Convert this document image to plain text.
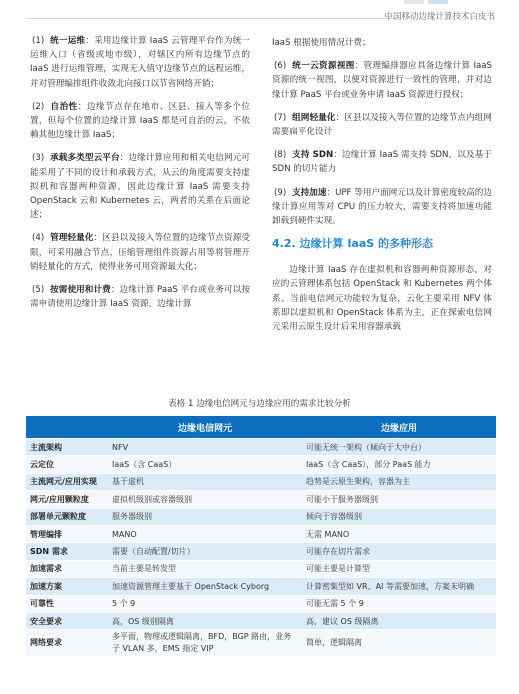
中国移动边缘计算技术白皮书

(1) 统一运维：采用边缘计算 IaaS 云管理平台作为统一运维入口（省级或地市级），对辖区内所有边缘节点的 IaaS 进行运维管理，实现无人值守边缘节点的远程运维，并对管理编排组件收敛北向接口以节省网络开销；

(2) 自治性：边缘节点存在地市、区县、接入等多个位置，但每个位置的边缘计算 IaaS 都是可自治的云，不依赖其他边缘计算 IaaS；

(3) 承载多类型云平台：边缘计算应用和相关电信网元可能采用了不同的设计和承载方式，从云的角度需要支持虚拟机和容器两种资源，因此边缘计算 IaaS 需要支持 OpenStack 云和 Kubernetes 云，两者的关系在后面论述；

(4) 管理轻量化：区县以及接入等位置的边缘节点资源受限，可采用融合节点、压缩管理组件资源占用等将管理开销轻量化的方式，使得业务可用资源最大化；

(5) 按需使用和计费：边缘计算 PaaS 平台或业务可以按需申请使用边缘计算 IaaS 资源，边缘计算

IaaS 根据使用情况计费；

(6) 统一云资源视图：管理编排器应具备边缘计算 IaaS 资源的统一视图，以便对资源进行一致性的管理，并对边缘计算 PaaS 平台或业务申请 IaaS 资源进行授权；

(7) 组网轻量化：区县以及接入等位置的边缘节点内组网需要扁平化设计

(8) 支持 SDN：边缘计算 IaaS 需支持 SDN，以及基于 SDN 的切片能力

(9) 支持加速：UPF 等用户面网元以及计算密度较高的边缘计算应用等对 CPU 的压力较大，需要支持将加速功能卸载到硬件实现。

4.2. 边缘计算 IaaS 的多种形态

边缘计算 IaaS 存在虚拟机和容器两种资源形态，对应的云管理体系包括 OpenStack 和 Kubernetes 两个体系。当前电信网元功能较为复杂，云化主要采用 NFV 体系即以虚拟机和 OpenStack 体系为主，正在探索电信网元采用云原生设计后采用容器承载

表格 1 边缘电信网元与边缘应用的需求比较分析
	边缘电信网元	边缘应用
主流架构	NFV	可能无统一架构（倾向于大中台）
云定位	IaaS（含 CaaS）	IaaS（含 CaaS），部分 PaaS 能力
主流网元/应用实现	基于虚机	趋势是云原生架构，容器为主
网元/应用颗粒度	虚拟机级别或容器级别	可能小于服务器级别
部署单元颗粒度	服务器级别	倾向于容器级别
管理编排	MANO	无需 MANO
SDN 需求	需要（自动配置/切片）	可能存在切片需求
加速需求	当前主要是转发型	可能主要是计算型
加速方案	加速资源管理主要基于 OpenStack Cyborg	计算密集型如 VR、AI 等需要加速，方案未明确
可靠性	5 个 9	可能无需 5 个 9
安全要求	高，OS 级别隔离	高，建议 OS 级隔离
网络要求	多平面，物理或逻辑隔离，BFD，BGP 路由，业务子 VLAN 多，EMS 指定 VIP	简单，逻辑隔离
